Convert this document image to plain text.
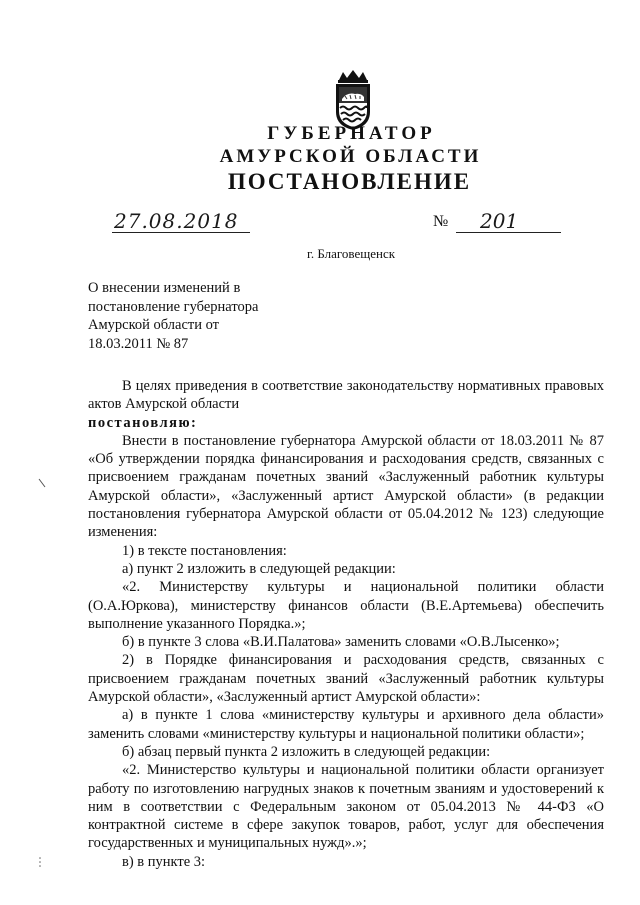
ГУБЕРНАТОР
АМУРСКОЙ ОБЛАСТИ
ПОСТАНОВЛЕНИЕ
27.08.2018	№ 201
г. Благовещенск
О внесении изменений в
постановление губернатора
Амурской области от
18.03.2011 № 87

В целях приведения в соответствие законодательству нормативных правовых актов Амурской области

постановляю:

Внести в постановление губернатора Амурской области от 18.03.2011 № 87 «Об утверждении порядка финансирования и расходования средств, связанных с присвоением гражданам почетных званий «Заслуженный работник культуры Амурской области», «Заслуженный артист Амурской области» (в редакции постановления губернатора Амурской области от 05.04.2012 № 123) следующие изменения:

1) в тексте постановления:

а) пункт 2 изложить в следующей редакции:

«2. Министерству культуры и национальной политики области (О.А.Юркова), министерству финансов области (В.Е.Артемьева) обеспечить выполнение указанного Порядка.»;

б) в пункте 3 слова «В.И.Палатова» заменить словами «О.В.Лысенко»;

2) в Порядке финансирования и расходования средств, связанных с присвоением гражданам почетных званий «Заслуженный работник культуры Амурской области», «Заслуженный артист Амурской области»:

а) в пункте 1 слова «министерству культуры и архивного дела области» заменить словами «министерству культуры и национальной политики области»;

б) абзац первый пункта 2 изложить в следующей редакции:

«2. Министерство культуры и национальной политики области организует работу по изготовлению нагрудных знаков к почетным званиям и удостоверений к ним в соответствии с Федеральным законом от 05.04.2013 № 44-ФЗ «О контрактной системе в сфере закупок товаров, работ, услуг для обеспечения государственных и муниципальных нужд».»;

в) в пункте 3:
